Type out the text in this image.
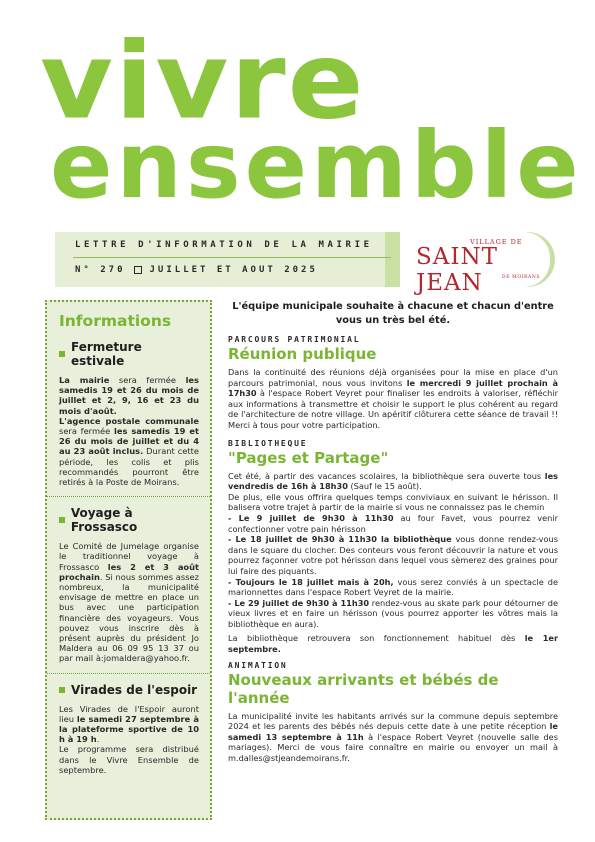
vivre
ensemble
LETTRE D'INFORMATION DE LA MAIRIE
N° 270	JUILLET ET AOUT 2025
VILLAGE DE
SAINT JEAN	DE MOIRANS
Informations
Fermeture estivale

La mairie sera fermée les samedis 19 et 26 du mois de juillet et 2, 9, 16 et 23 du mois d'août.

L'agence postale communale sera fermée les samedis 19 et 26 du mois de juillet et du 4 au 23 août inclus. Durant cette période, les colis et plis recommandés pourront être retirés à la Poste de Moirans.

Voyage à Frossasco

Le Comité de Jumelage organise le traditionnel voyage à Frossasco les 2 et 3 août prochain. Si nous sommes assez nombreux, la municipalité envisage de mettre en place un bus avec une participation financière des voyageurs. Vous pouvez vous inscrire dès à présent auprès du président Jo Maldera au 06 09 95 13 37 ou par mail à:jomaldera@yahoo.fr.

Virades de l'espoir

Les Virades de l'Espoir auront lieu le samedi 27 septembre à la plateforme sportive de 10 h à 19 h.

Le programme sera distribué dans le Vivre Ensemble de septembre.

L'équipe municipale souhaite à chacune et chacun d'entre vous un très bel été.
PARCOURS PATRIMONIAL
Réunion publique

Dans la continuité des réunions déjà organisées pour la mise en place d'un parcours patrimonial, nous vous invitons le mercredi 9 juillet prochain à 17h30 à l'espace Robert Veyret pour finaliser les endroits à valoriser, réfléchir aux informations à transmettre et choisir le support le plus cohérent au regard de l'architecture de notre village. Un apéritif clôturera cette séance de travail !! Merci à tous pour votre participation.

BIBLIOTHEQUE
"Pages et Partage"

Cet été, à partir des vacances scolaires, la bibliothèque sera ouverte tous les vendredis de 16h à 18h30 (Sauf le 15 août).

De plus, elle vous offrira quelques temps conviviaux en suivant le hérisson. Il balisera votre trajet à partir de la mairie si vous ne connaissez pas le chemin

- Le 9 juillet de 9h30 à 11h30 au four Favet, vous pourrez venir confectionner votre pain hérisson

- Le 18 juillet de 9h30 à 11h30 la bibliothèque vous donne rendez-vous dans le square du clocher. Des conteurs vous feront découvrir la nature et vous pourrez façonner votre pot hérisson dans lequel vous sèmerez des graines pour lui faire des piquants.

- Toujours le 18 juillet mais à 20h, vous serez conviés à un spectacle de marionnettes dans l'espace Robert Veyret de la mairie.

- Le 29 juillet de 9h30 à 11h30 rendez-vous au skate park pour détourner de vieux livres et en faire un hérisson (vous pourrez apporter les vôtres mais la bibliothèque en aura).

La bibliothèque retrouvera son fonctionnement habituel dès le 1er septembre.

ANIMATION
Nouveaux arrivants et bébés de l'année

La municipalité invite les habitants arrivés sur la commune depuis septembre 2024 et les parents des bébés nés depuis cette date à une petite réception le samedi 13 septembre à 11h à l'espace Robert Veyret (nouvelle salle des mariages). Merci de vous faire connaître en mairie ou envoyer un mail à m.dalles@stjeandemoirans.fr.
